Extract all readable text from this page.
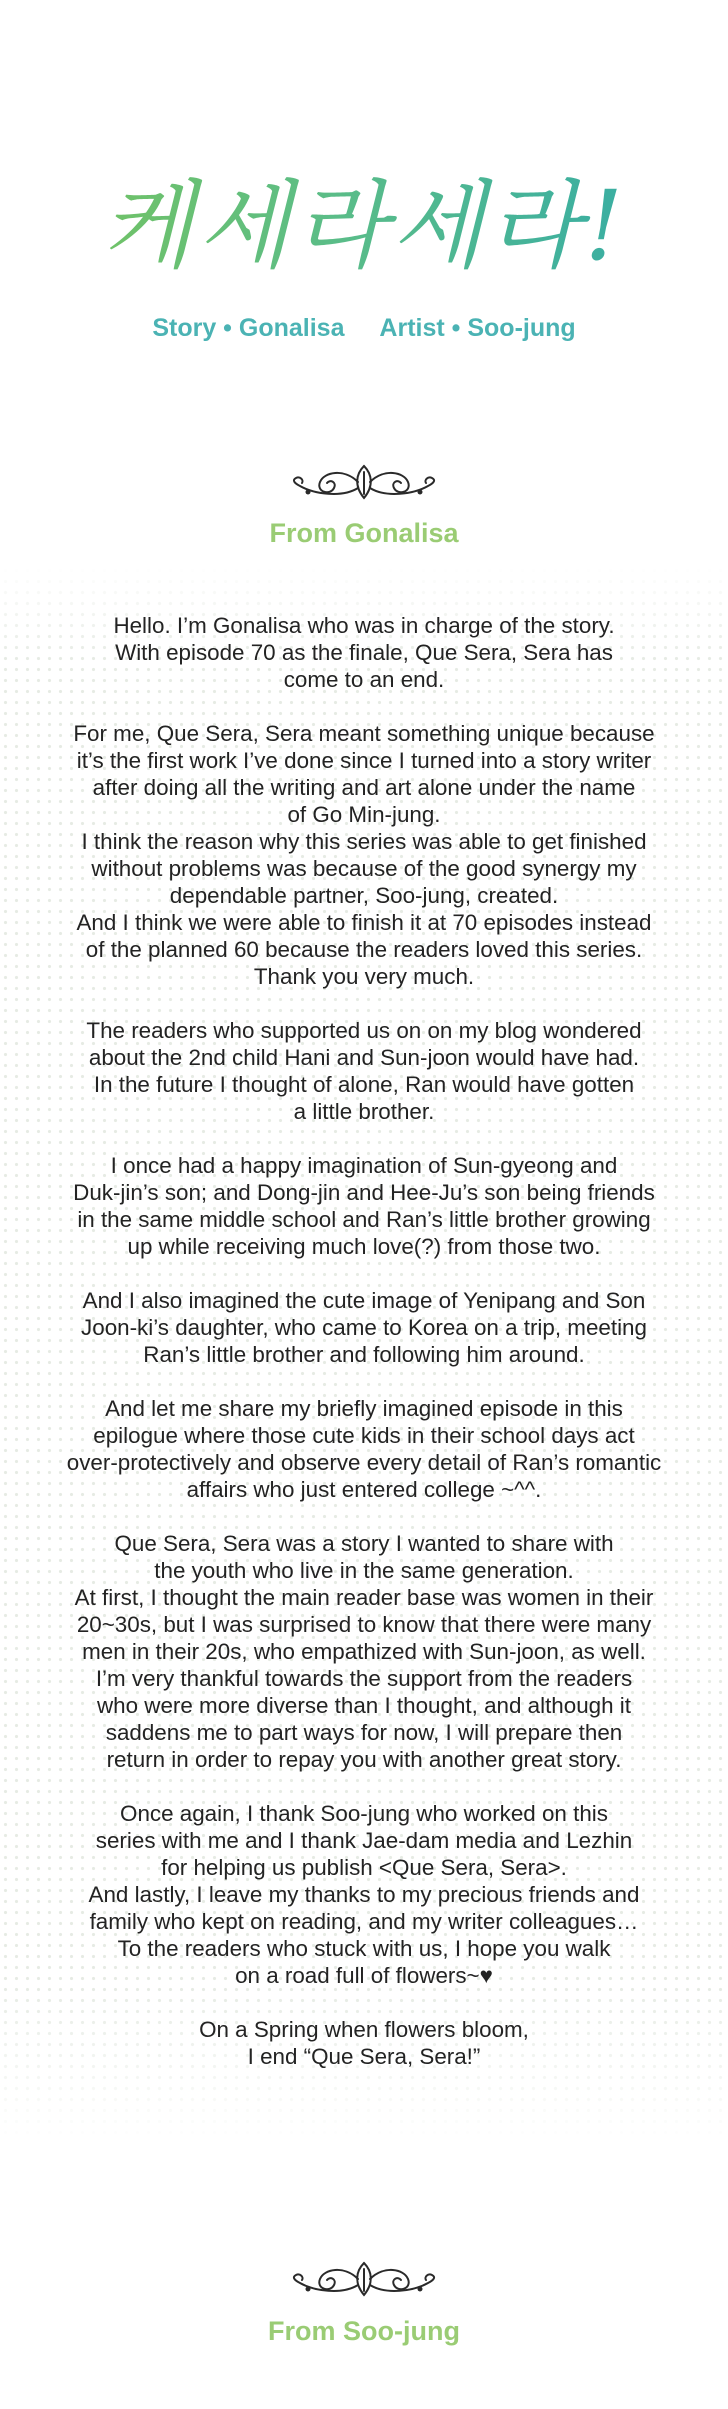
케세라세라!
Story • Gonalisa Artist • Soo-jung
From Gonalisa

Hello. I’m Gonalisa who was in charge of the story.
With episode 70 as the finale, Que Sera, Sera has
come to an end.

For me, Que Sera, Sera meant something unique because
it’s the first work I’ve done since I turned into a story writer
after doing all the writing and art alone under the name
of Go Min-jung.
I think the reason why this series was able to get finished
without problems was because of the good synergy my
dependable partner, Soo-jung, created.
And I think we were able to finish it at 70 episodes instead
of the planned 60 because the readers loved this series.
Thank you very much.

The readers who supported us on on my blog wondered
about the 2nd child Hani and Sun-joon would have had.
In the future I thought of alone, Ran would have gotten
a little brother.

I once had a happy imagination of Sun-gyeong and
Duk-jin’s son; and Dong-jin and Hee-Ju’s son being friends
in the same middle school and Ran’s little brother growing
up while receiving much love(?) from those two.

And I also imagined the cute image of Yenipang and Son
Joon-ki’s daughter, who came to Korea on a trip, meeting
Ran’s little brother and following him around.

And let me share my briefly imagined episode in this
epilogue where those cute kids in their school days act
over-protectively and observe every detail of Ran’s romantic
affairs who just entered college ~^^.

Que Sera, Sera was a story I wanted to share with
the youth who live in the same generation.
At first, I thought the main reader base was women in their
20~30s, but I was surprised to know that there were many
men in their 20s, who empathized with Sun-joon, as well.
I’m very thankful towards the support from the readers
who were more diverse than I thought, and although it
saddens me to part ways for now, I will prepare then
return in order to repay you with another great story.

Once again, I thank Soo-jung who worked on this
series with me and I thank Jae-dam media and Lezhin
for helping us publish <Que Sera, Sera>.
And lastly, I leave my thanks to my precious friends and
family who kept on reading, and my writer colleagues…
To the readers who stuck with us, I hope you walk
on a road full of flowers~♥

On a Spring when flowers bloom,
I end “Que Sera, Sera!”

From Soo-jung
